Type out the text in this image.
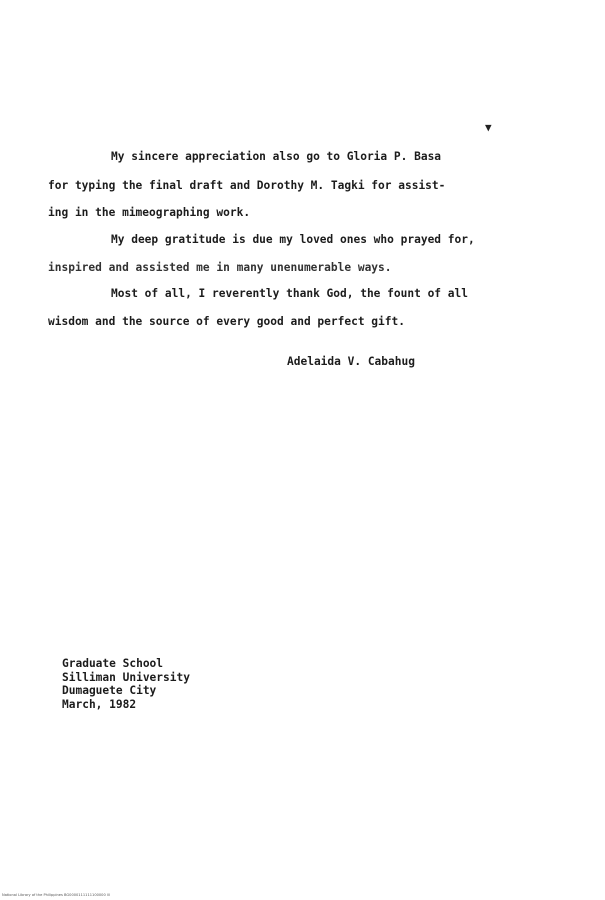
▼
My sincere appreciation also go to Gloria P. Basa
for typing the final draft and Dorothy M. Tagki for assist-
ing in the mimeographing work.
My deep gratitude is due my loved ones who prayed for,
inspired and assisted me in many unenumerable ways.
Most of all, I reverently thank God, the fount of all
wisdom and the source of every good and perfect gift.
Adelaida V. Cabahug
Graduate School
Silliman University
Dumaguete City
March, 1982
National Library of the Philippines BG0000111111100000 lll
